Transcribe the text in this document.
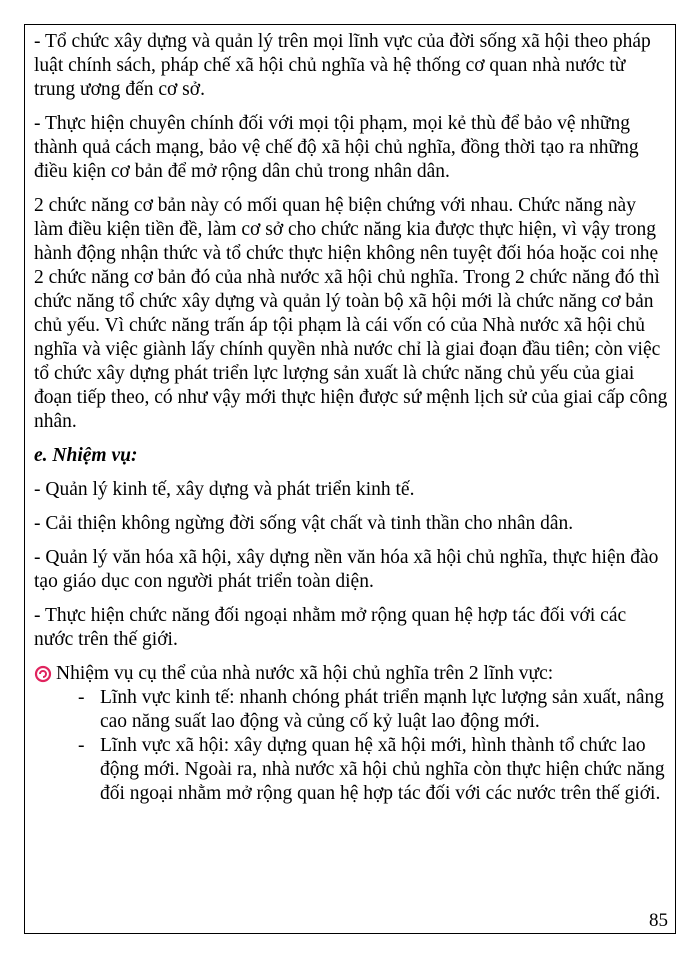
- Tổ chức xây dựng và quản lý trên mọi lĩnh vực của đời sống xã hội theo pháp luật chính sách, pháp chế xã hội chủ nghĩa và hệ thống cơ quan nhà nước từ trung ương đến cơ sở.

- Thực hiện chuyên chính đối với mọi tội phạm, mọi kẻ thù để bảo vệ những thành quả cách mạng, bảo vệ chế độ xã hội chủ nghĩa, đồng thời tạo ra những điều kiện cơ bản để mở rộng dân chủ trong nhân dân.

2 chức năng cơ bản này có mối quan hệ biện chứng với nhau. Chức năng này làm điều kiện tiền đề, làm cơ sở cho chức năng kia được thực hiện, vì vậy trong hành động nhận thức và tổ chức thực hiện không nên tuyệt đối hóa hoặc coi nhẹ 2 chức năng cơ bản đó của nhà nước xã hội chủ nghĩa. Trong 2 chức năng đó thì chức năng tổ chức xây dựng và quản lý toàn bộ xã hội mới là chức năng cơ bản chủ yếu. Vì chức năng trấn áp tội phạm là cái vốn có của Nhà nước xã hội chủ nghĩa và việc giành lấy chính quyền nhà nước chỉ là giai đoạn đầu tiên; còn việc tổ chức xây dựng phát triển lực lượng sản xuất là chức năng chủ yếu của giai đoạn tiếp theo, có như vậy mới thực hiện được sứ mệnh lịch sử của giai cấp công nhân.

e. Nhiệm vụ:

- Quản lý kinh tế, xây dựng và phát triển kinh tế.

- Cải thiện không ngừng đời sống vật chất và tinh thần cho nhân dân.

- Quản lý văn hóa xã hội, xây dựng nền văn hóa xã hội chủ nghĩa, thực hiện đào tạo giáo dục con người phát triển toàn diện.

- Thực hiện chức năng đối ngoại nhằm mở rộng quan hệ hợp tác đối với các nước trên thế giới.

Nhiệm vụ cụ thể của nhà nước xã hội chủ nghĩa trên 2 lĩnh vực:
- Lĩnh vực kinh tế: nhanh chóng phát triển mạnh lực lượng sản xuất, nâng cao năng suất lao động và củng cố kỷ luật lao động mới.
- Lĩnh vực xã hội: xây dựng quan hệ xã hội mới, hình thành tổ chức lao động mới. Ngoài ra, nhà nước xã hội chủ nghĩa còn thực hiện chức năng đối ngoại nhằm mở rộng quan hệ hợp tác đối với các nước trên thế giới.
85
